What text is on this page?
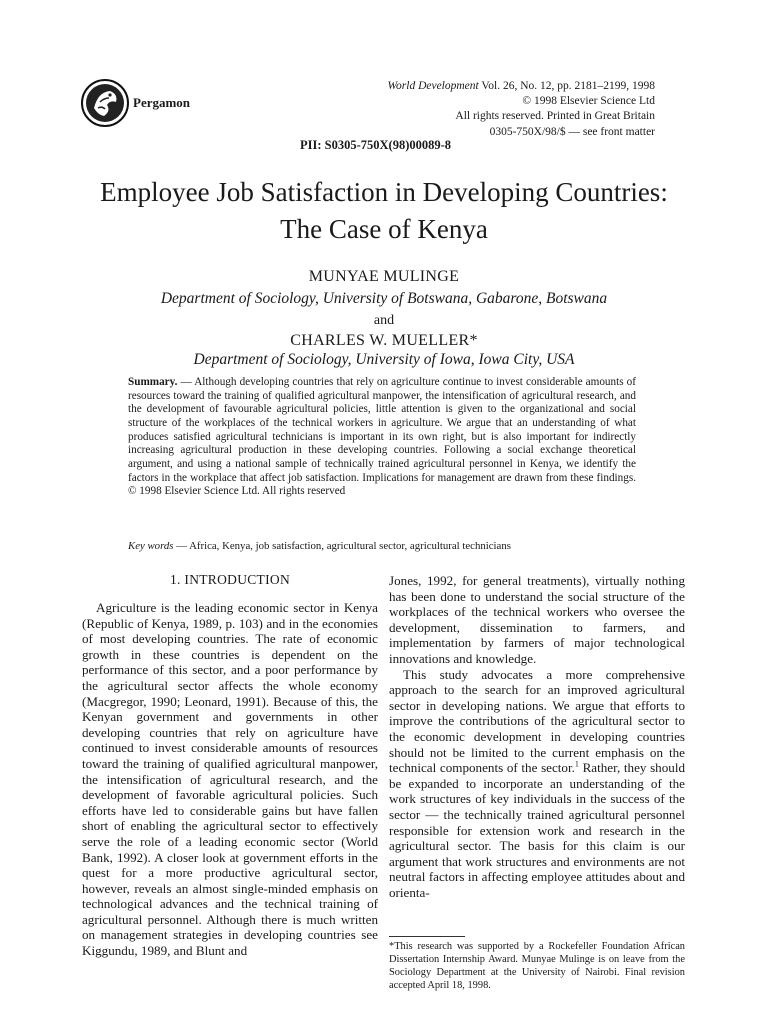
Pergamon
World Development Vol. 26, No. 12, pp. 2181–2199, 1998
© 1998 Elsevier Science Ltd
All rights reserved. Printed in Great Britain
0305-750X/98/$ — see front matter
PII: S0305-750X(98)00089-8
Employee Job Satisfaction in Developing Countries:
The Case of Kenya
MUNYAE MULINGE
Department of Sociology, University of Botswana, Gabarone, Botswana
and
CHARLES W. MUELLER*
Department of Sociology, University of Iowa, Iowa City, USA
Summary. — Although developing countries that rely on agriculture continue to invest considerable amounts of resources toward the training of qualified agricultural manpower, the intensification of agricultural research, and the development of favourable agricultural policies, little attention is given to the organizational and social structure of the workplaces of the technical workers in agriculture. We argue that an understanding of what produces satisfied agricultural technicians is important in its own right, but is also important for indirectly increasing agricultural production in these developing countries. Following a social exchange theoretical argument, and using a national sample of technically trained agricultural personnel in Kenya, we identify the factors in the workplace that affect job satisfaction. Implications for management are drawn from these findings. © 1998 Elsevier Science Ltd. All rights reserved
Key words — Africa, Kenya, job satisfaction, agricultural sector, agricultural technicians
1. INTRODUCTION

Agriculture is the leading economic sector in Kenya (Republic of Kenya, 1989, p. 103) and in the economies of most developing countries. The rate of economic growth in these countries is dependent on the performance of this sector, and a poor performance by the agricultural sector affects the whole economy (Macgregor, 1990; Leonard, 1991). Because of this, the Kenyan government and governments in other developing countries that rely on agriculture have continued to invest considerable amounts of resources toward the training of qualified agricultural manpower, the intensification of agricultural research, and the development of favorable agricultural policies. Such efforts have led to considerable gains but have fallen short of enabling the agricultural sector to effectively serve the role of a leading economic sector (World Bank, 1992). A closer look at government efforts in the quest for a more productive agricultural sector, however, reveals an almost single-minded emphasis on technological advances and the technical training of agricultural personnel. Although there is much written on management strategies in developing countries see Kiggundu, 1989, and Blunt and

Jones, 1992, for general treatments), virtually nothing has been done to understand the social structure of the workplaces of the technical workers who oversee the development, dissemination to farmers, and implementation by farmers of major technological innovations and knowledge.

This study advocates a more comprehensive approach to the search for an improved agricultural sector in developing nations. We argue that efforts to improve the contributions of the agricultural sector to the economic development in developing countries should not be limited to the current emphasis on the technical components of the sector.$^1$ Rather, they should be expanded to incorporate an understanding of the work structures of key individuals in the success of the sector — the technically trained agricultural personnel responsible for extension work and research in the agricultural sector. The basis for this claim is our argument that work structures and environments are not neutral factors in affecting employee attitudes about and orienta-

*This research was supported by a Rockefeller Foundation African Dissertation Internship Award. Munyae Mulinge is on leave from the Sociology Department at the University of Nairobi. Final revision accepted April 18, 1998.
